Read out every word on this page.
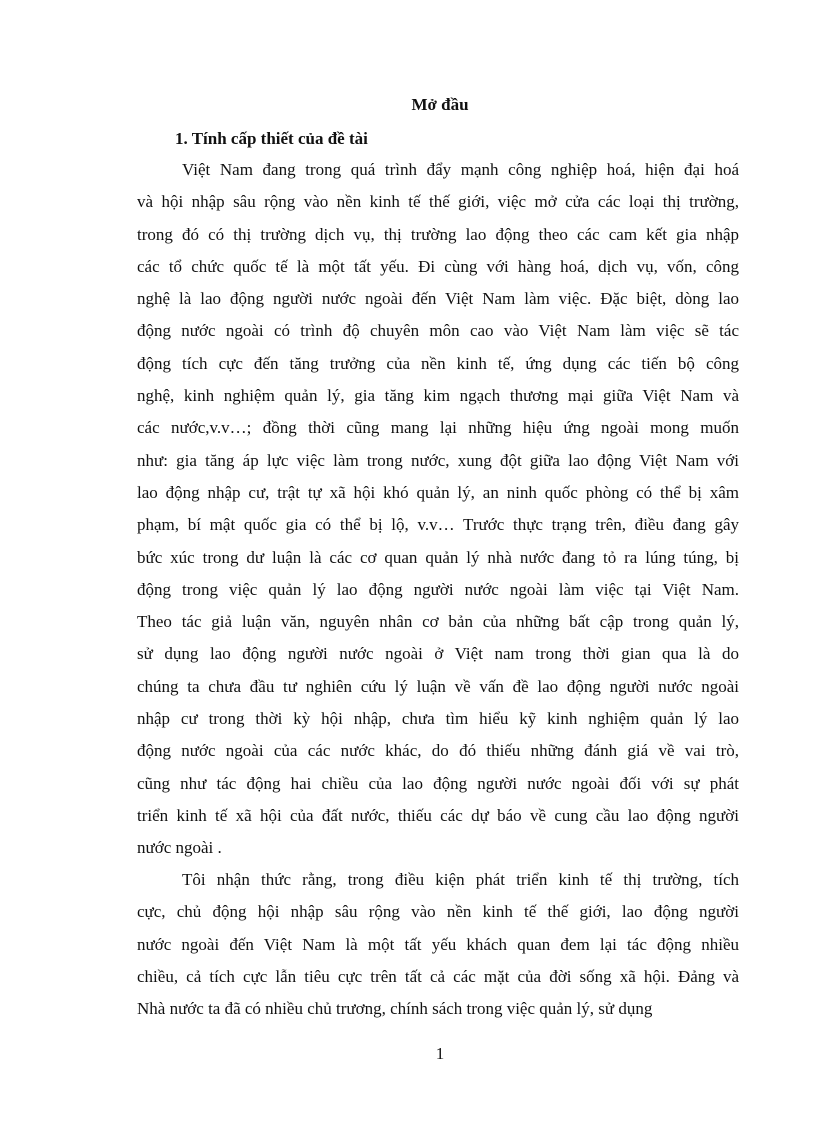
Mở đầu
1. Tính cấp thiết của đề tài
Việt Nam đang trong quá trình đẩy mạnh công nghiệp hoá, hiện đại hoá
và hội nhập sâu rộng vào nền kinh tế thế giới, việc mở cửa các loại thị trường,
trong đó có thị trường dịch vụ, thị trường lao động theo các cam kết gia nhập
các tổ chức quốc tế là một tất yếu. Đi cùng với hàng hoá, dịch vụ, vốn, công
nghệ là lao động người nước ngoài đến Việt Nam làm việc. Đặc biệt, dòng lao
động nước ngoài có trình độ chuyên môn cao vào Việt Nam làm việc sẽ tác
động tích cực đến tăng trưởng của nền kinh tế, ứng dụng các tiến bộ công
nghệ, kinh nghiệm quản lý, gia tăng kim ngạch thương mại giữa Việt Nam và
các nước,v.v…; đồng thời cũng mang lại những hiệu ứng ngoài mong muốn
như: gia tăng áp lực việc làm trong nước, xung đột giữa lao động Việt Nam với
lao động nhập cư, trật tự xã hội khó quản lý, an ninh quốc phòng có thể bị xâm
phạm, bí mật quốc gia có thể bị lộ, v.v… Trước thực trạng trên, điều đang gây
bức xúc trong dư luận là các cơ quan quản lý nhà nước đang tỏ ra lúng túng, bị
động trong việc quản lý lao động người nước ngoài làm việc tại Việt Nam.
Theo tác giả luận văn, nguyên nhân cơ bản của những bất cập trong quản lý,
sử dụng lao động người nước ngoài ở Việt nam trong thời gian qua là do
chúng ta chưa đầu tư nghiên cứu lý luận về vấn đề lao động người nước ngoài
nhập cư trong thời kỳ hội nhập, chưa tìm hiểu kỹ kinh nghiệm quản lý lao
động nước ngoài của các nước khác, do đó thiếu những đánh giá về vai trò,
cũng như tác động hai chiều của lao động người nước ngoài đối với sự phát
triển kinh tế xã hội của đất nước, thiếu các dự báo về cung cầu lao động người
nước ngoài .
Tôi nhận thức rằng, trong điều kiện phát triển kinh tế thị trường, tích
cực, chủ động hội nhập sâu rộng vào nền kinh tế thế giới, lao động người
nước ngoài đến Việt Nam là một tất yếu khách quan đem lại tác động nhiều
chiều, cả tích cực lẫn tiêu cực trên tất cả các mặt của đời sống xã hội. Đảng và
Nhà nước ta đã có nhiều chủ trương, chính sách trong việc quản lý, sử dụng
1
